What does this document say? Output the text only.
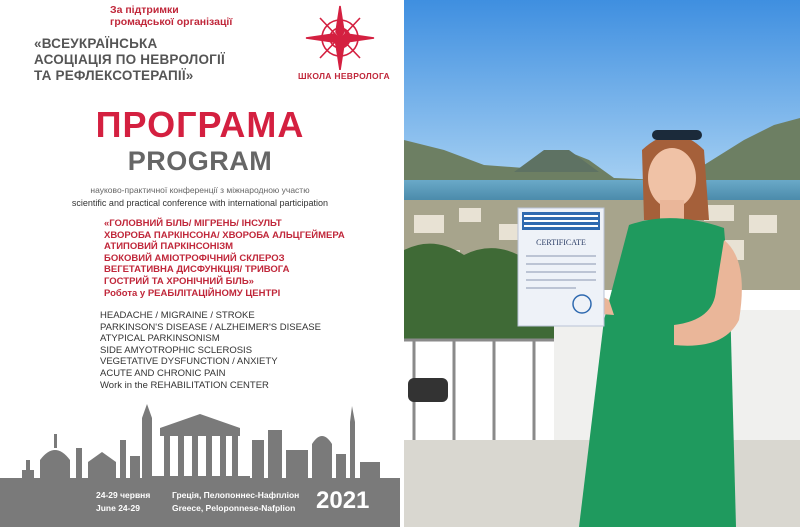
За підтримки

громадської організації

«ВСЕУКРАЇНСЬКА
АСОЦІАЦІЯ ПО НЕВРОЛОГІЇ
ТА РЕФЛЕКСОТЕРАПІЇ»	ШКОЛА НЕВРОЛОГА

ПРОГРАМА

PROGRAM

науково-практичної конференції з міжнародною участю

scientific and practical conference with international participation

«ГОЛОВНИЙ БІЛЬ/ МІГРЕНЬ/ ІНСУЛЬТ
ХВОРОБА ПАРКІНСОНА/ ХВОРОБА АЛЬЦГЕЙМЕРА
АТИПОВИЙ ПАРКІНСОНІЗМ
БОКОВИЙ АМІОТРОФІЧНИЙ СКЛЕРОЗ
ВЕГЕТАТИВНА ДИСФУНКЦІЯ/ ТРИВОГА
ГОСТРИЙ ТА ХРОНІЧНИЙ БІЛЬ»
Робота у РЕАБІЛІТАЦІЙНОМУ ЦЕНТРІ
HEADACHE / MIGRAINE / STROKE
PARKINSON'S DISEASE / ALZHEIMER'S DISEASE
ATYPICAL PARKINSONISM
SIDE AMYOTROPHIC SCLEROSIS
VEGETATIVE DYSFUNCTION / ANXIETY
ACUTE AND CHRONIC PAIN
Work in the REHABILITATION CENTER

24-29 червня

June 24-29

Греція, Пелопоннес-Нафпліон

Greece, Peloponnese-Nafplion 2021

CERTIFICATE
